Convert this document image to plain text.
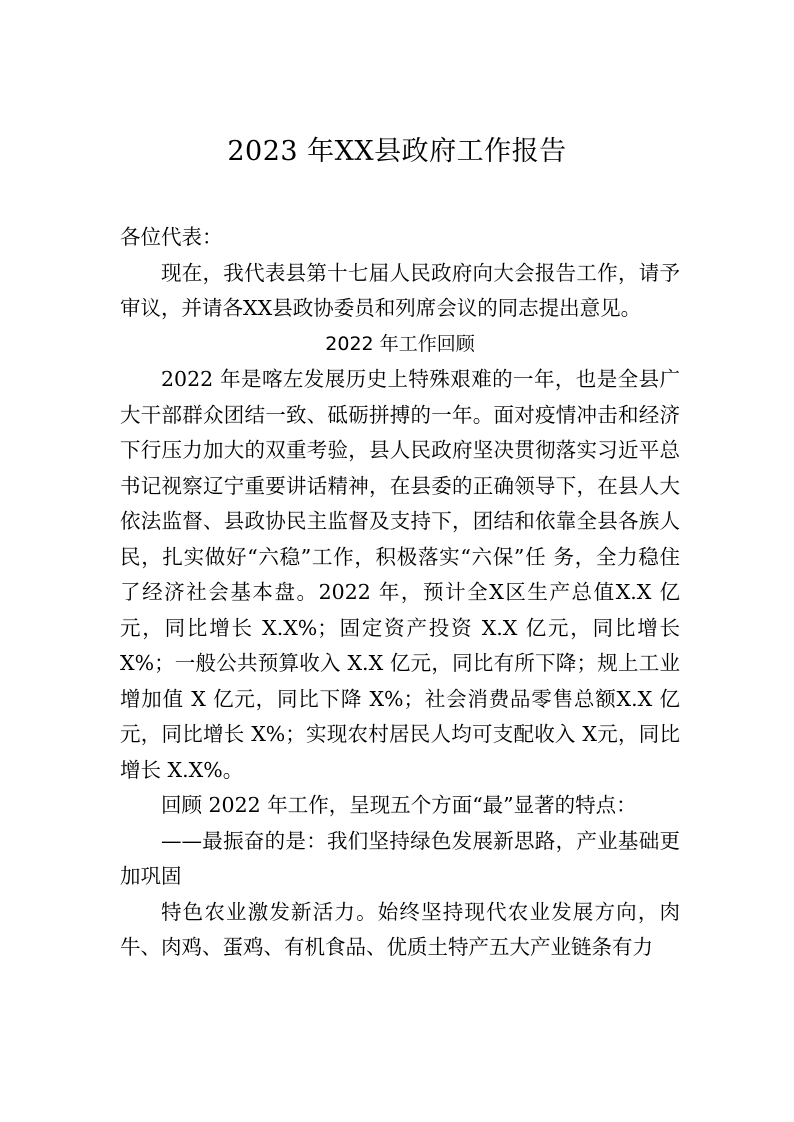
2023 年XX县政府工作报告

各位代表：

现在，我代表县第十七届人民政府向大会报告工作，请予审议，并请各XX县政协委员和列席会议的同志提出意见。

2022 年工作回顾

2022 年是喀左发展历史上特殊艰难的一年，也是全县广大干部群众团结一致、砥砺拼搏的一年。面对疫情冲击和经济下行压力加大的双重考验，县人民政府坚决贯彻落实习近平总书记视察辽宁重要讲话精神，在县委的正确领导下，在县人大依法监督、县政协民主监督及支持下，团结和依靠全县各族人民，扎实做好“六稳”工作，积极落实“六保”任 务，全力稳住了经济社会基本盘。2022 年，预计全X区生产总值X.X 亿元，同比增长 X.X%；固定资产投资 X.X 亿元，同比增长 X%；一般公共预算收入 X.X 亿元，同比有所下降；规上工业增加值 X 亿元，同比下降 X%；社会消费品零售总额X.X 亿元，同比增长 X%；实现农村居民人均可支配收入 X元，同比增长 X.X%。

回顾 2022 年工作，呈现五个方面“最”显著的特点：

——最振奋的是：我们坚持绿色发展新思路，产业基础更加巩固

特色农业激发新活力。始终坚持现代农业发展方向，肉牛、肉鸡、蛋鸡、有机食品、优质土特产五大产业链条有力
